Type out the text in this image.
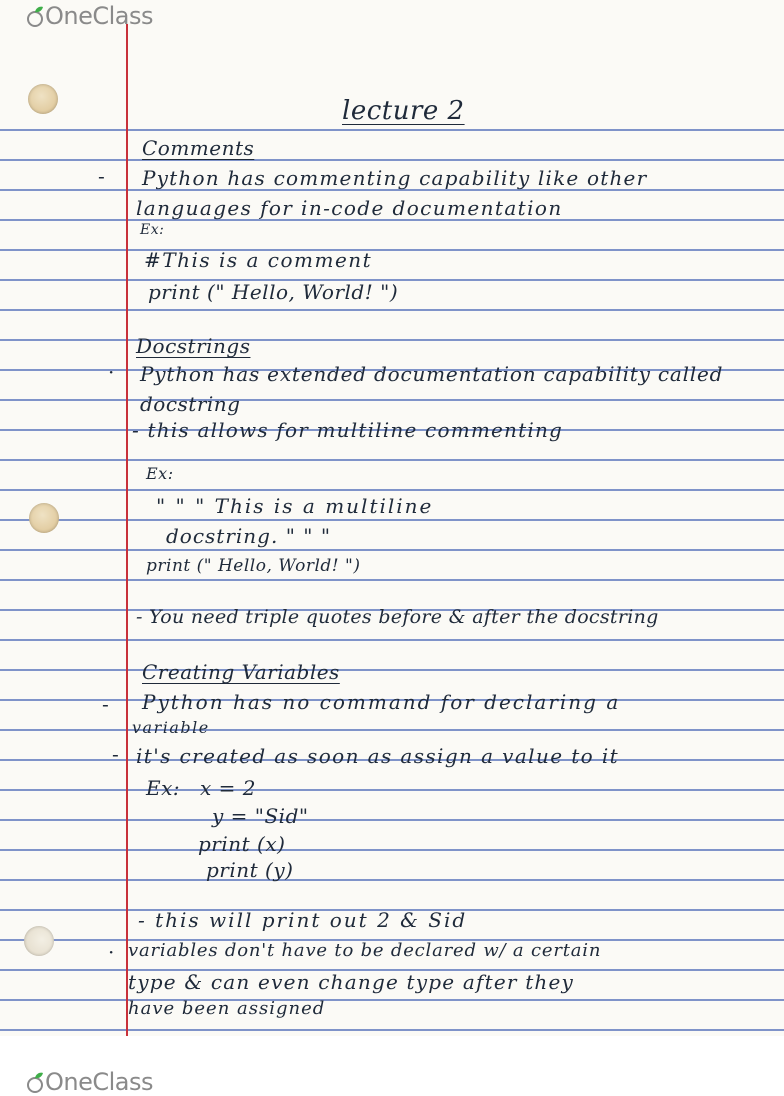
lecture 2

Comments

- Python has commenting capability like other

languages for in-code documentation

Ex:

#This is a comment

print (" Hello, World! ")

Docstrings

· Python has extended documentation capability called

docstring

- this allows for multiline commenting

Ex:

" " " This is a multiline

docstring. " " "

print (" Hello, World! ")

- You need triple quotes before & after the docstring

Creating Variables

- Python has no command for declaring a

variable

- it's created as soon as assign a value to it

Ex: x = 2

y = "Sid"

print (x)

print (y)

- this will print out 2 & Sid

· variables don't have to be declared w/ a certain

type & can even change type after they

have been assigned

OneClass
OneClass
